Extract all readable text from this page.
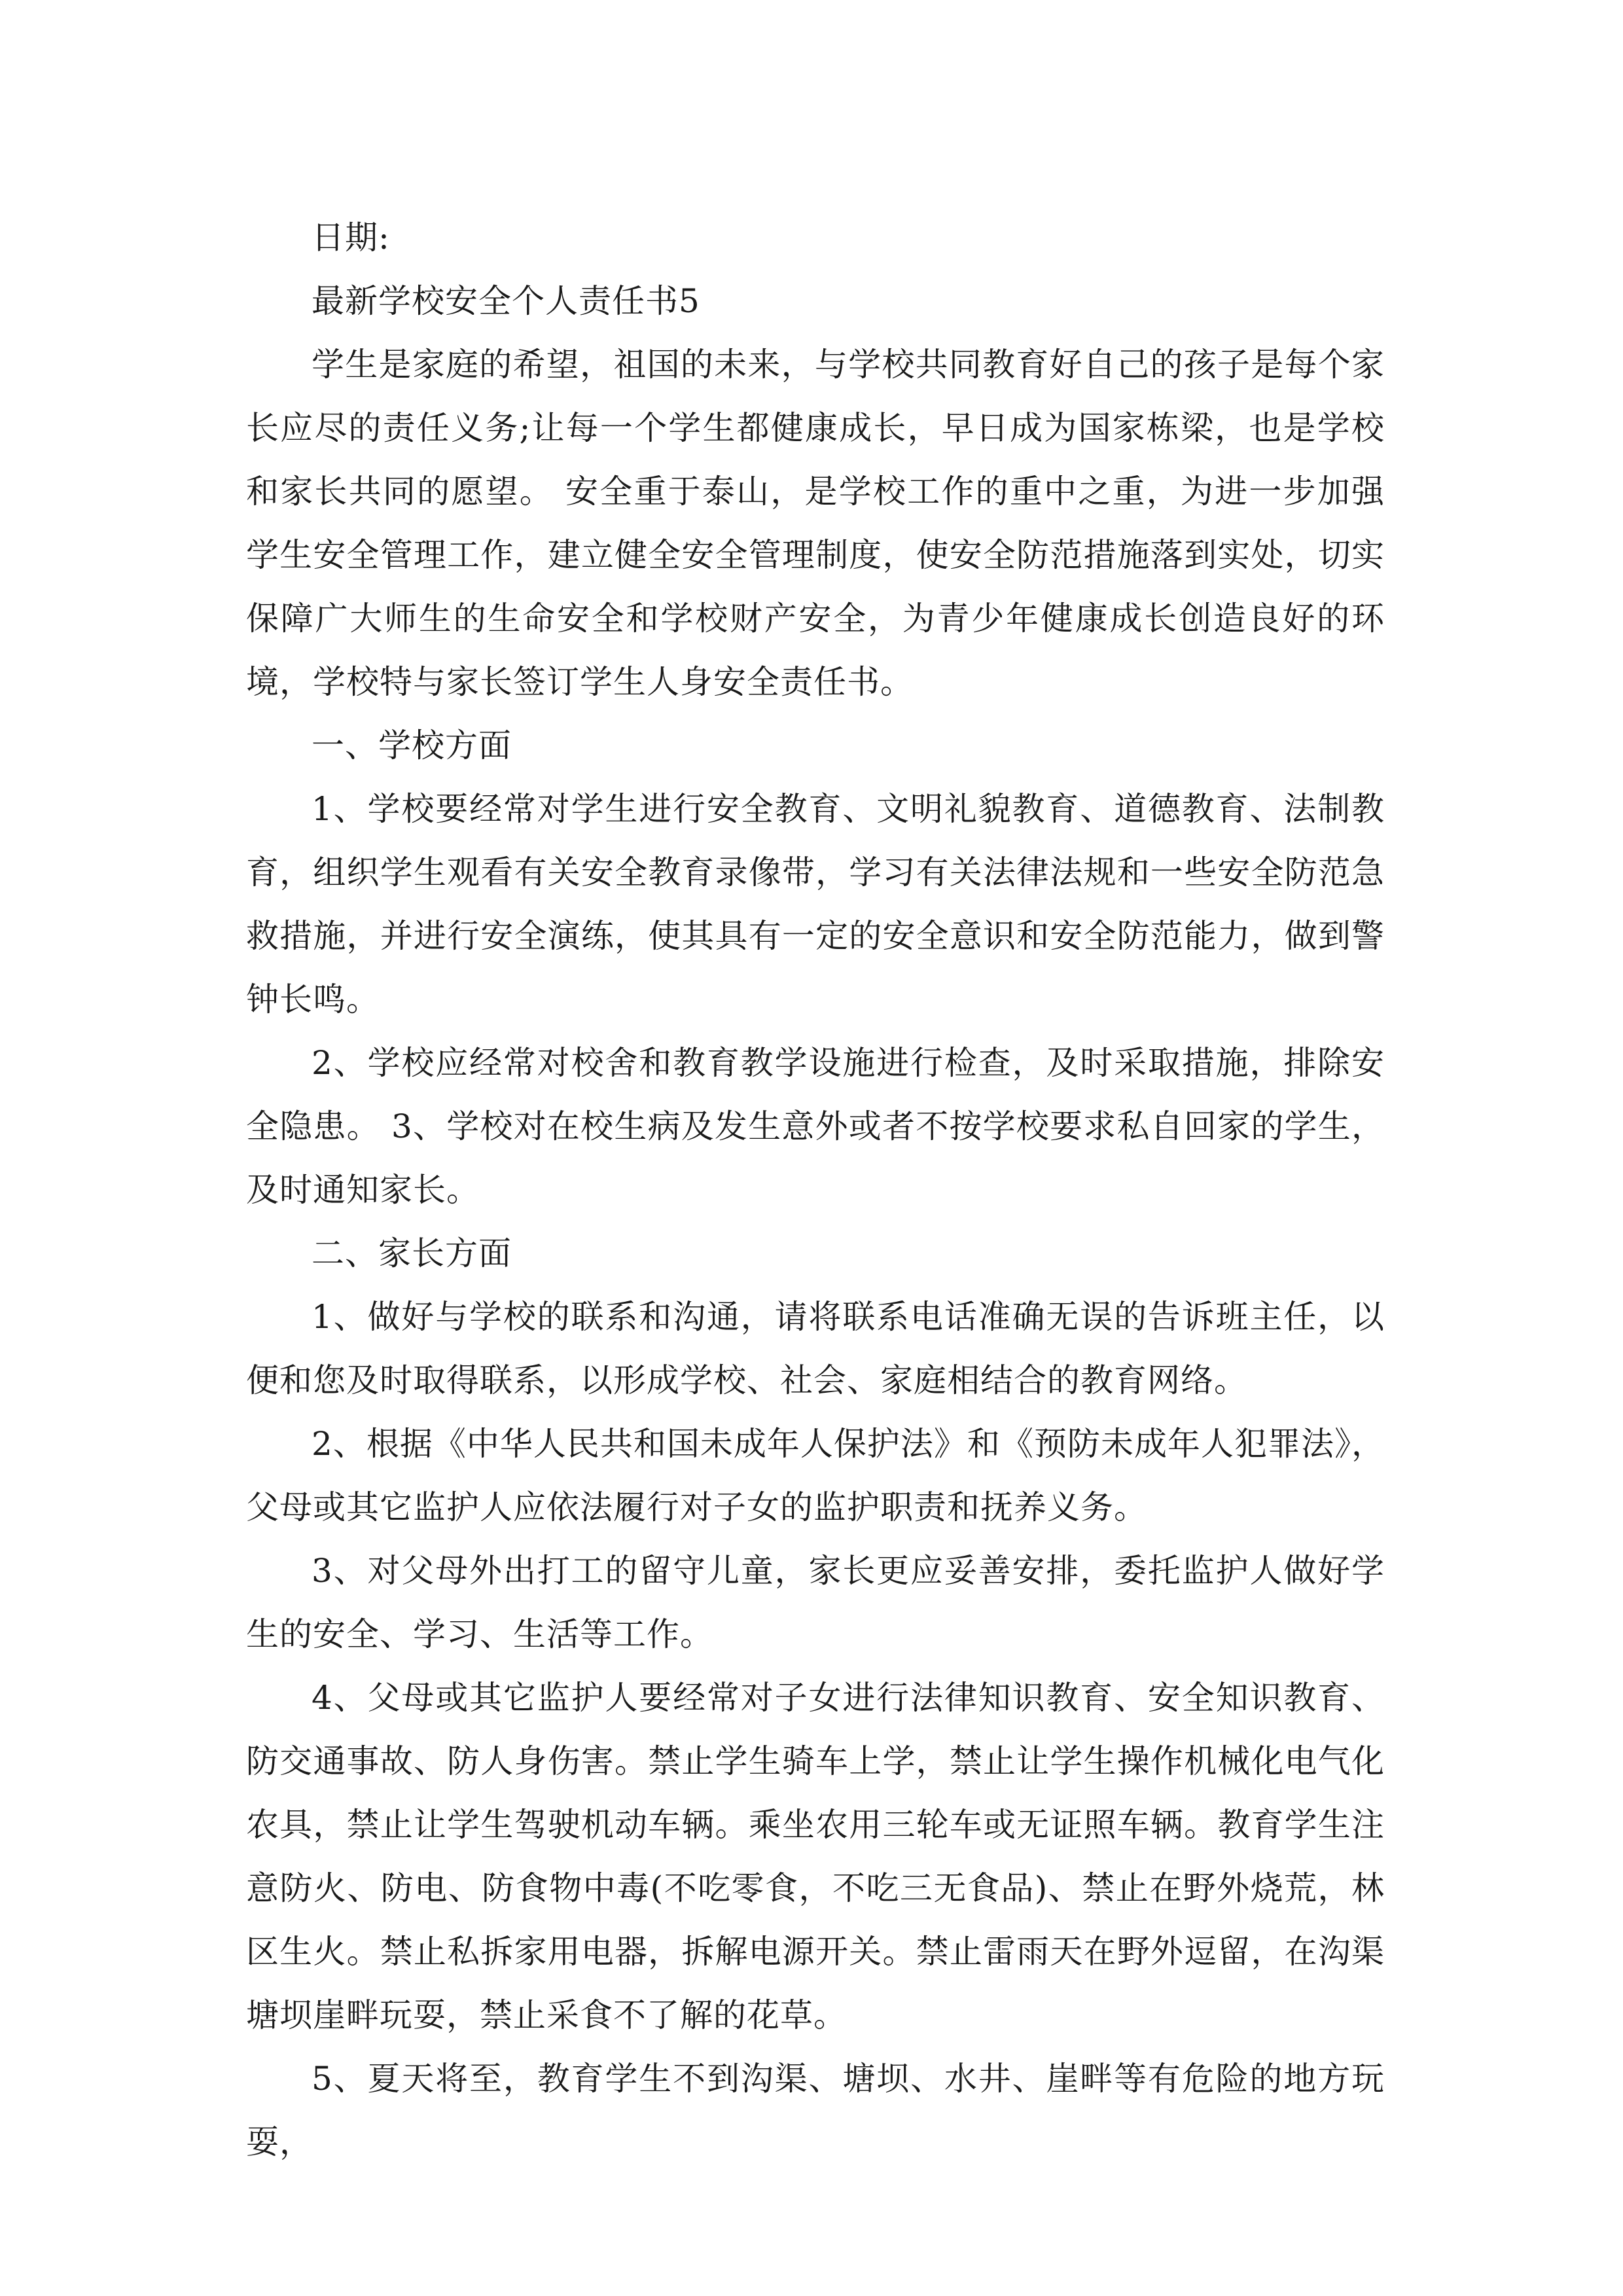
日期:

最新学校安全个人责任书5

学生是家庭的希望，祖国的未来，与学校共同教育好自己的孩子是每个家长应尽的责任义务;让每一个学生都健康成长，早日成为国家栋梁，也是学校和家长共同的愿望。 安全重于泰山，是学校工作的重中之重，为进一步加强学生安全管理工作，建立健全安全管理制度，使安全防范措施落到实处，切实保障广大师生的生命安全和学校财产安全，为青少年健康成长创造良好的环境，学校特与家长签订学生人身安全责任书。

一、学校方面

1、学校要经常对学生进行安全教育、文明礼貌教育、道德教育、法制教育，组织学生观看有关安全教育录像带，学习有关法律法规和一些安全防范急救措施，并进行安全演练，使其具有一定的安全意识和安全防范能力，做到警钟长鸣。

2、学校应经常对校舍和教育教学设施进行检查，及时采取措施，排除安全隐患。 3、学校对在校生病及发生意外或者不按学校要求私自回家的学生，及时通知家长。

二、家长方面

1、做好与学校的联系和沟通，请将联系电话准确无误的告诉班主任，以便和您及时取得联系，以形成学校、社会、家庭相结合的教育网络。

2、根据《中华人民共和国未成年人保护法》和《预防未成年人犯罪法》，父母或其它监护人应依法履行对子女的监护职责和抚养义务。

3、对父母外出打工的留守儿童，家长更应妥善安排，委托监护人做好学生的安全、学习、生活等工作。

4、父母或其它监护人要经常对子女进行法律知识教育、安全知识教育、防交通事故、防人身伤害。禁止学生骑车上学，禁止让学生操作机械化电气化农具，禁止让学生驾驶机动车辆。乘坐农用三轮车或无证照车辆。教育学生注意防火、防电、防食物中毒(不吃零食，不吃三无食品)、禁止在野外烧荒，林区生火。禁止私拆家用电器，拆解电源开关。禁止雷雨天在野外逗留，在沟渠塘坝崖畔玩耍，禁止采食不了解的花草。

5、夏天将至，教育学生不到沟渠、塘坝、水井、崖畔等有危险的地方玩耍，
